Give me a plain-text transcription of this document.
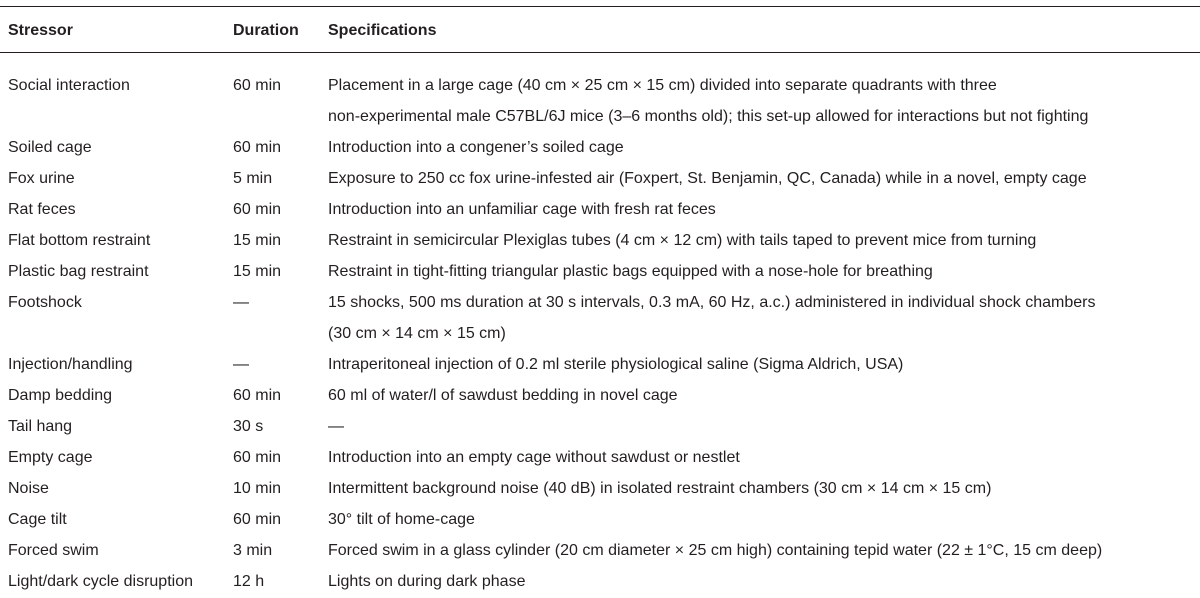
Stressor	Duration	Specifications

Social interaction	60 min	Placement in a large cage (40 cm × 25 cm × 15 cm) divided into separate quadrants with three
non-experimental male C57BL/6J mice (3–6 months old); this set-up allowed for interactions but not fighting

Soiled cage	60 min	Introduction into a congener’s soiled cage

Fox urine	5 min	Exposure to 250 cc fox urine-infested air (Foxpert, St. Benjamin, QC, Canada) while in a novel, empty cage

Rat feces	60 min	Introduction into an unfamiliar cage with fresh rat feces

Flat bottom restraint	15 min	Restraint in semicircular Plexiglas tubes (4 cm × 12 cm) with tails taped to prevent mice from turning

Plastic bag restraint	15 min	Restraint in tight-fitting triangular plastic bags equipped with a nose-hole for breathing

Footshock	—	15 shocks, 500 ms duration at 30 s intervals, 0.3 mA, 60 Hz, a.c.) administered in individual shock chambers
(30 cm × 14 cm × 15 cm)

Injection/handling	—	Intraperitoneal injection of 0.2 ml sterile physiological saline (Sigma Aldrich, USA)

Damp bedding	60 min	60 ml of water/l of sawdust bedding in novel cage

Tail hang	30 s	—

Empty cage	60 min	Introduction into an empty cage without sawdust or nestlet

Noise	10 min	Intermittent background noise (40 dB) in isolated restraint chambers (30 cm × 14 cm × 15 cm)

Cage tilt	60 min	30° tilt of home-cage

Forced swim	3 min	Forced swim in a glass cylinder (20 cm diameter × 25 cm high) containing tepid water (22 ± 1°C, 15 cm deep)

Light/dark cycle disruption	12 h	Lights on during dark phase
